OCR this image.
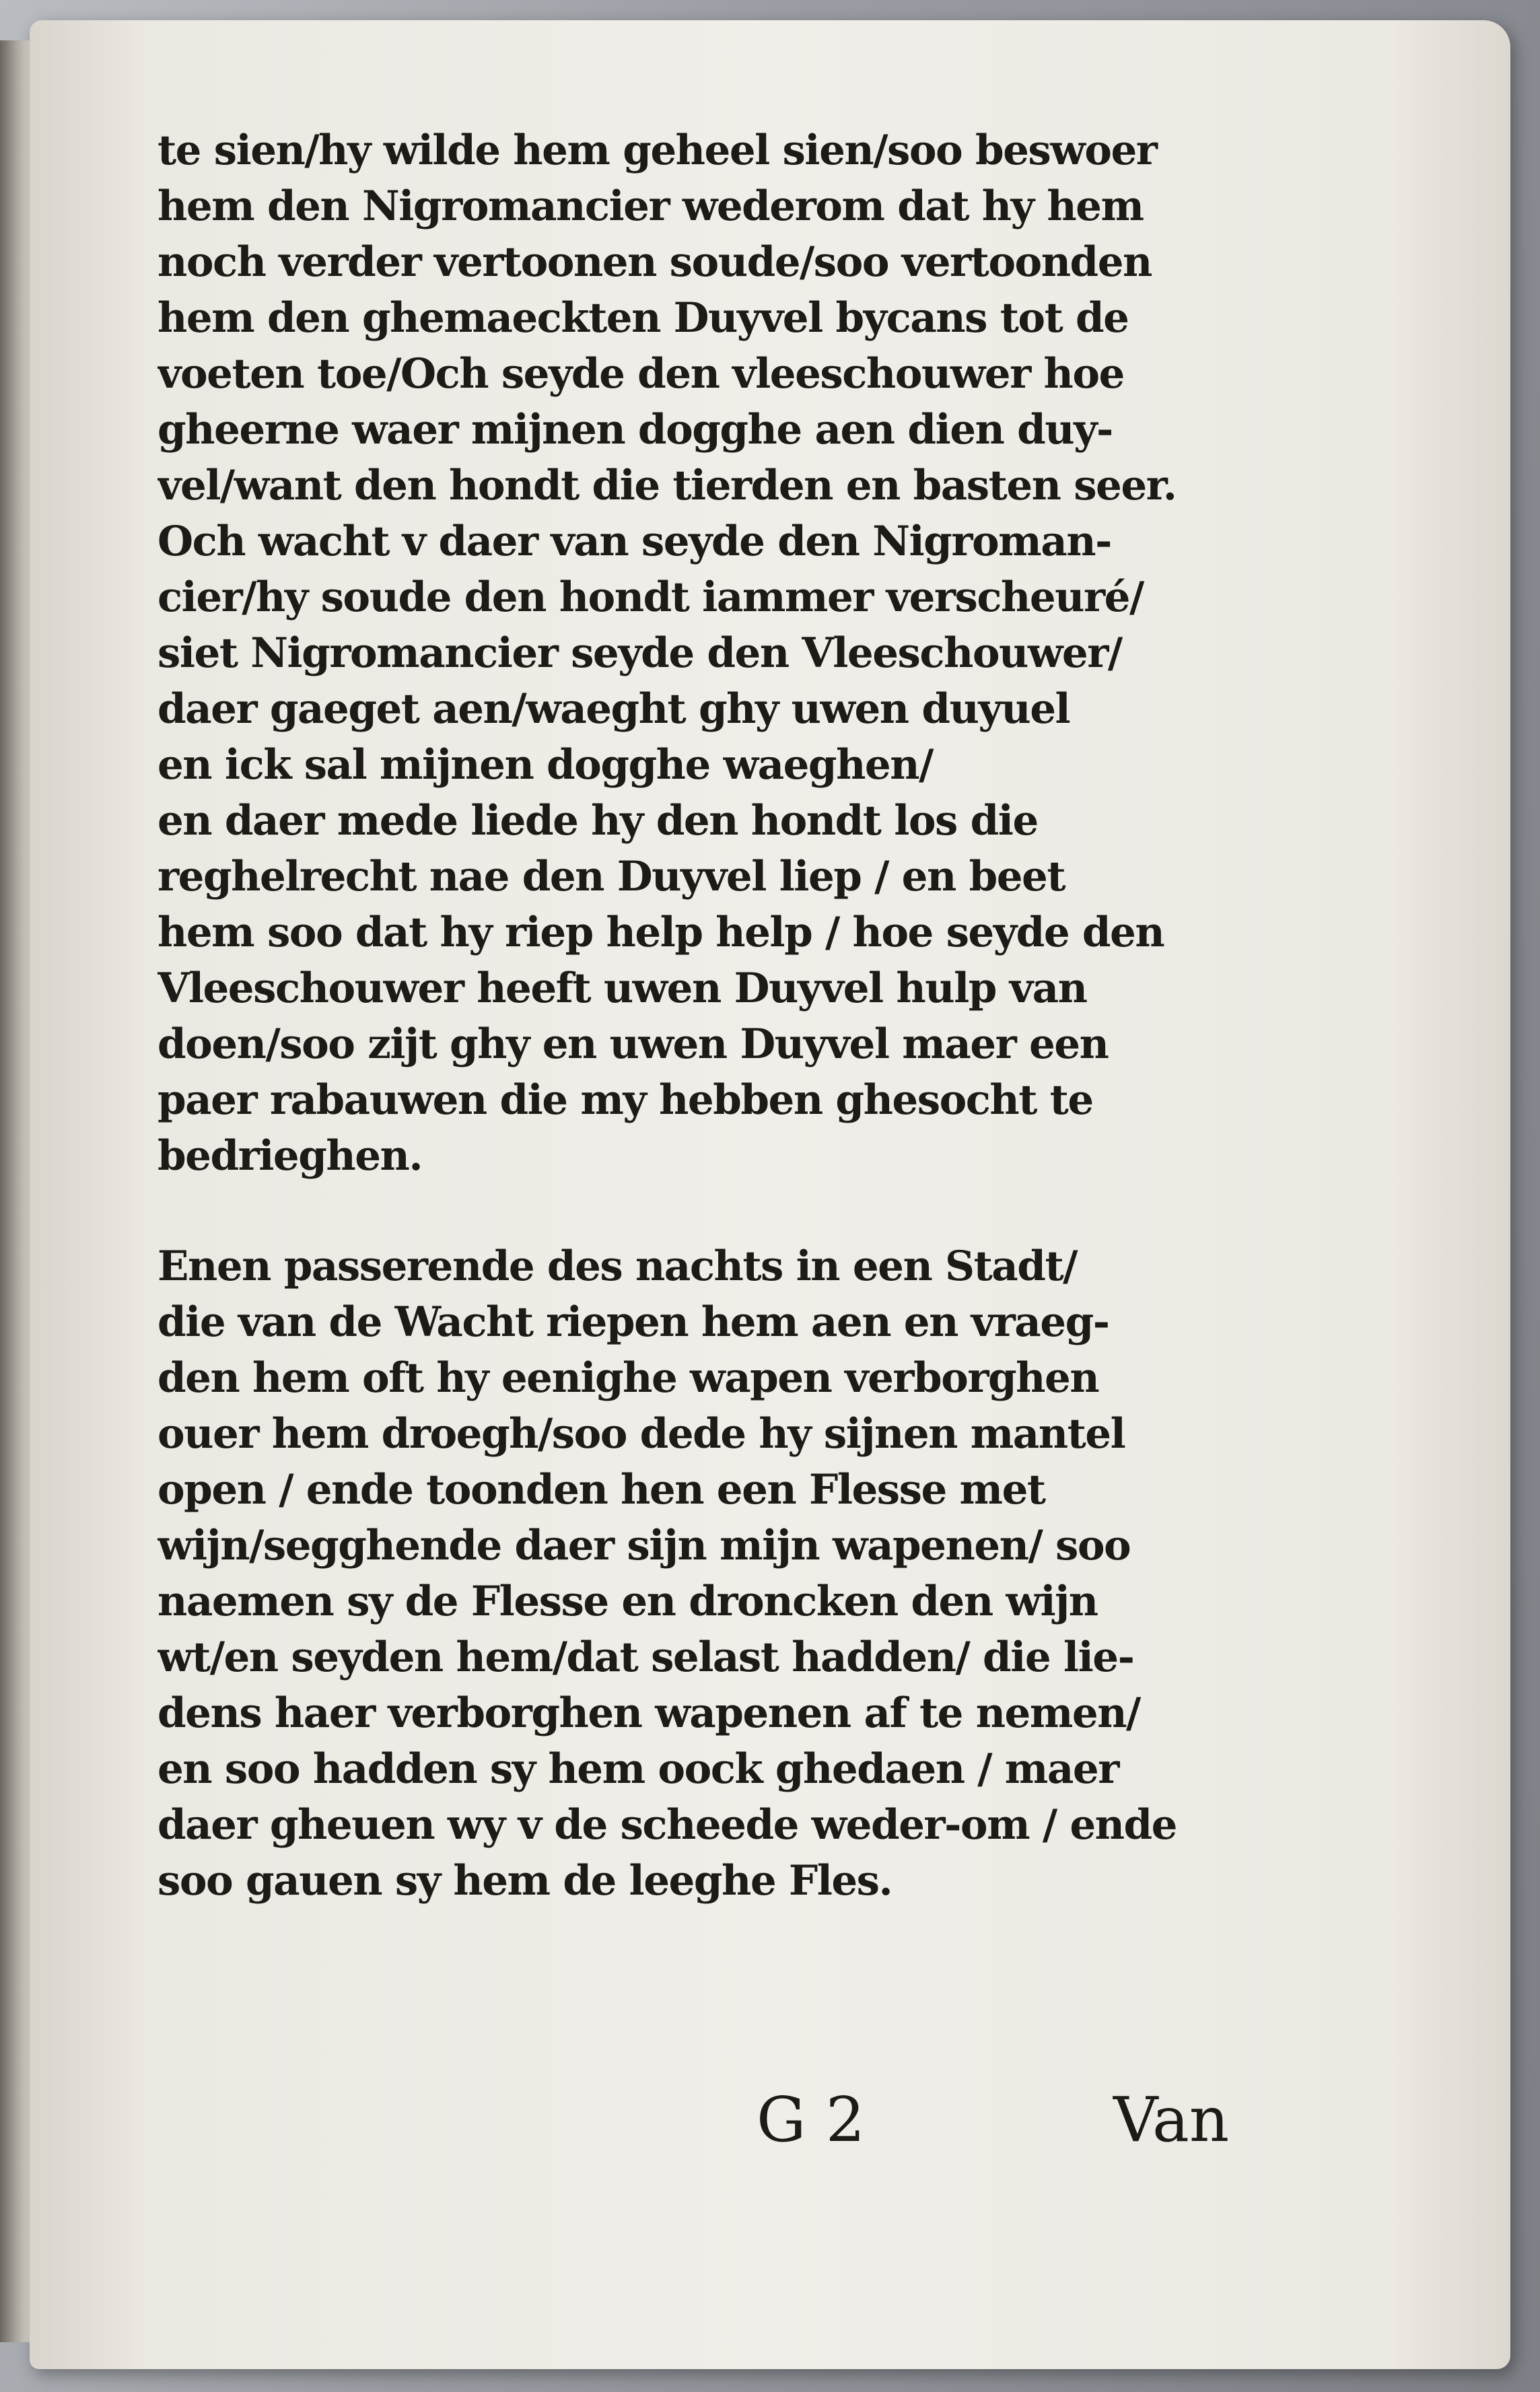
te sien/hy wilde hem geheel sien/soo beswoer
hem den Nigromancier wederom dat hy hem
noch verder vertoonen soude/soo vertoonden
hem den ghemaeckten Duyvel bycans tot de
voeten toe/Och seyde den vleeschouwer hoe
gheerne waer mijnen dogghe aen dien duy-
vel/want den hondt die tierden en basten seer.
Och wacht v daer van seyde den Nigroman-
cier/hy soude den hondt iammer verscheuré/
siet Nigromancier seyde den Vleeschouwer/
daer gaeget aen/waeght ghy uwen duyuel
en ick sal mijnen dogghe waeghen/
en daer mede liede hy den hondt los die
reghelrecht nae den Duyvel liep / en beet
hem soo dat hy riep help help / hoe seyde den
Vleeschouwer heeft uwen Duyvel hulp van
doen/soo zijt ghy en uwen Duyvel maer een
paer rabauwen die my hebben ghesocht te
bedrieghen.
Enen passerende des nachts in een Stadt/
die van de Wacht riepen hem aen en vraeg-
den hem oft hy eenighe wapen verborghen
ouer hem droegh/soo dede hy sijnen mantel
open / ende toonden hen een Flesse met
wijn/segghende daer sijn mijn wapenen/ soo
naemen sy de Flesse en droncken den wijn
wt/en seyden hem/dat selast hadden/ die lie-
dens haer verborghen wapenen af te nemen/
en soo hadden sy hem oock ghedaen / maer
daer gheuen wy v de scheede weder-om / ende
soo gauen sy hem de leeghe Fles.
G 2	Van
